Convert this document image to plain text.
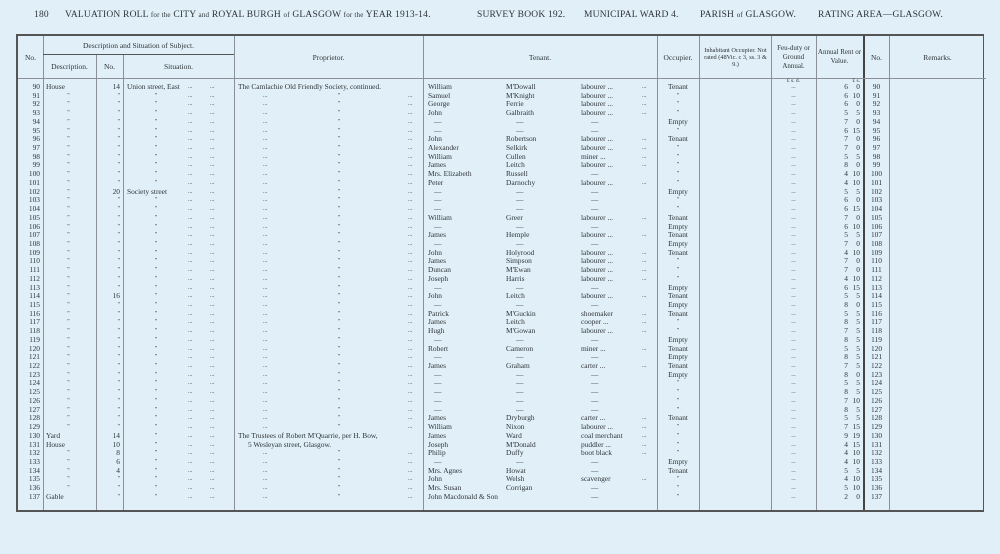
180 VALUATION ROLL for the CITY and ROYAL BURGH of GLASGOW for the YEAR 1913-14.	SURVEY BOOK 192. MUNICIPAL WARD 4. PARISH of GLASGOW. RATING AREA—GLASGOW.
No.
Description and Situation of Subject.
Description.	No.	Situation.
Proprietor.	Tenant.	Occupier.
Inhabitant Occupier. Not rated (48Vic. c 3, ss. 3 & 9.)
Feu-duty or Ground Annual.
Annual Rent or Value.	No.	Remarks.
£ s. d.	£ s.
90 House	14 Union street, East	...	...	The Camlachie Old Friendly Society, continued.	William	M'Dowall	labourer ...	...	Tenant	...	6	0	90
91	"	"	"	...	...	...	"	...	Samuel	M'Knight	labourer ...	...	"	...	6 10	91
92	"	"	"	...	...	...	"	...	George	Ferrie	labourer ...	...	"	...	6	0	92
93	"	"	"	...	...	...	"	...	John	Galbraith	labourer ...	...	"	...	5	5	93
94	"	"	"	...	...	...	"	...	—	—	—	Empty	...	7	0	94
95	"	"	"	...	...	...	"	...	—	—	—	"	...	6 15	95
96	"	"	"	...	...	...	"	...	John	Robertson	labourer ...	...	Tenant	...	7	0	96
97	"	"	"	...	...	...	"	...	Alexander	Selkirk	labourer ...	...	"	...	7	0	97
98	"	"	"	...	...	...	"	...	William	Cullen	miner ...	...	"	...	5	5	98
99	"	"	"	...	...	...	"	...	James	Leitch	labourer ...	...	"	...	8	0	99
100	"	"	"	...	...	...	"	...	Mrs. Elizabeth	Russell	—	"	...	4 10	100
101	"	"	"	...	...	...	"	...	Peter	Darnochy	labourer ...	...	"	...	4 10	101
102	"	20 Society street	...	...	...	"	...	—	—	—	Empty	...	5	5	102
103	"	"	"	...	...	...	"	...	—	—	—	"	...	6	0	103
104	"	"	"	...	...	...	"	...	—	—	—	"	...	6 15	104
105	"	"	"	...	...	...	"	...	William	Greer	labourer ...	...	Tenant	...	7	0	105
106	"	"	"	...	...	...	"	...	—	—	—	Empty	...	6 10	106
107	"	"	"	...	...	...	"	...	James	Hemple	labourer ...	...	Tenant	...	5	5	107
108	"	"	"	...	...	...	"	...	—	—	—	Empty	...	7	0	108
109	"	"	"	...	...	...	"	...	John	Holyrood	labourer ...	...	Tenant	...	4 10	109
110	"	"	"	...	...	...	"	...	James	Simpson	labourer ...	...	"	...	7	0	110
111	"	"	"	...	...	...	"	...	Duncan	M'Ewan	labourer ...	...	"	...	7	0	111
112	"	"	"	...	...	...	"	...	Joseph	Harris	labourer ...	...	"	...	4 10	112
113	"	"	"	...	...	...	"	...	—	—	—	Empty	...	6 15	113
114	"	16	"	...	...	...	"	...	John	Leitch	labourer ...	...	Tenant	...	5	5	114
115	"	"	"	...	...	...	"	...	—	—	—	Empty	...	8	0	115
116	"	"	"	...	...	...	"	...	Patrick	M'Guckin	shoemaker	...	Tenant	...	5	5	116
117	"	"	"	...	...	...	"	...	James	Leitch	cooper ...	...	"	...	8	5	117
118	"	"	"	...	...	...	"	...	Hugh	M'Gowan	labourer ...	...	"	...	7	5	118
119	"	"	"	...	...	...	"	...	—	—	—	Empty	...	8	5	119
120	"	"	"	...	...	...	"	...	Robert	Cameron	miner ...	...	Tenant	...	5	5	120
121	"	"	"	...	...	...	"	...	—	—	—	Empty	...	8	5	121
122	"	"	"	...	...	...	"	...	James	Graham	carter ...	...	Tenant	...	7	5	122
123	"	"	"	...	...	...	"	...	—	—	—	Empty	...	8	0	123
124	"	"	"	...	...	...	"	...	—	—	—	"	...	5	5	124
125	"	"	"	...	...	...	"	...	—	—	—	"	...	8	5	125
126	"	"	"	...	...	...	"	...	—	—	—	"	...	7 10	126
127	"	"	"	...	...	...	"	...	—	—	—	"	...	8	5	127
128	"	"	"	...	...	...	"	...	James	Dryburgh	carter ...	...	Tenant	...	5	5	128
129	"	"	"	...	...	...	"	...	William	Nixon	labourer ...	...	"	...	7 15	129
130 Yard	14	"	...	...	The Trustees of Robert M'Quarrie, per H. Bow,	James	Ward	coal merchant	...	"	...	9 19	130
131 House	10	"	...	...	5 Wesleyan street, Glasgow.	Joseph	M'Donald	puddler ...	...	"	...	4 15	131
132	"	8	"	...	...	...	"	...	Philip	Duffy	boot black	...	"	...	4 10	132
133	"	6	"	...	...	...	"	...	—	—	—	Empty	...	4 10	133
134	"	4	"	...	...	...	"	...	Mrs. Agnes	Howat	—	Tenant	...	5	5	134
135	"	"	"	...	...	...	"	...	John	Welsh	scavenger	...	"	...	4 10	135
136	"	"	"	...	...	...	"	...	Mrs. Susan	Corrigan	—	"	...	5 10	136
137 Gable	"	"	...	...	...	"	...	John Macdonald & Son	—	"	...	2	0	137
